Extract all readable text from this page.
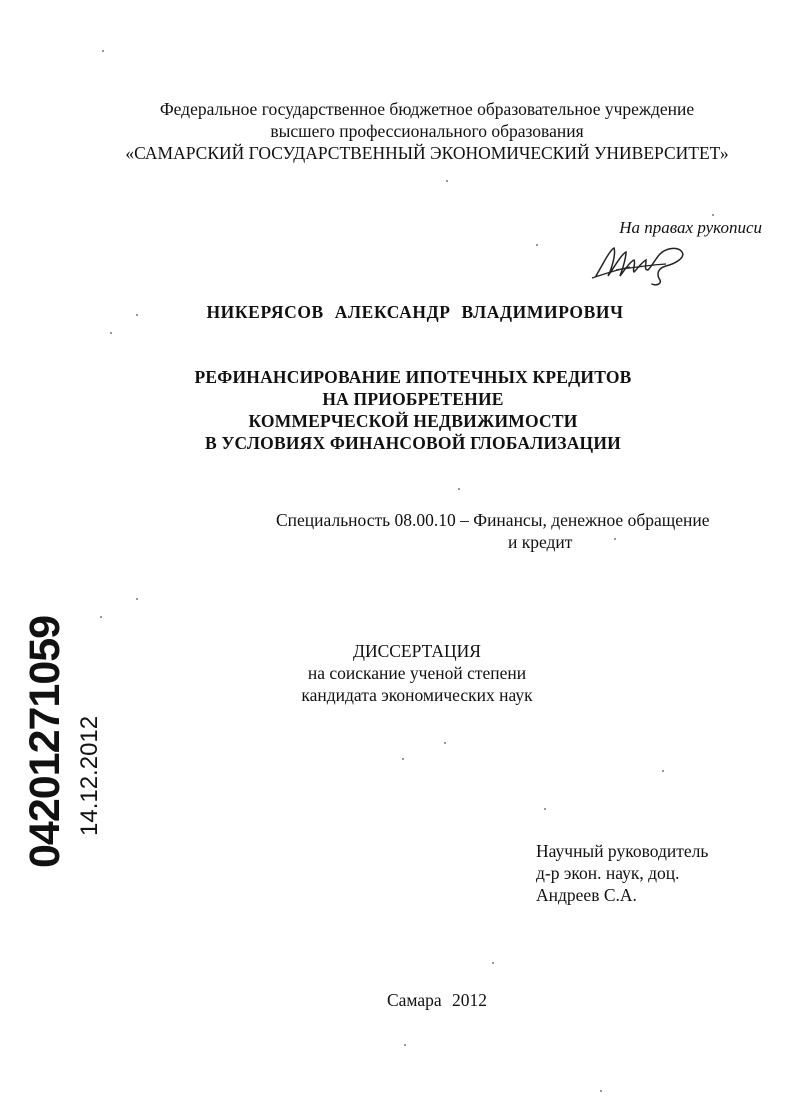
Федеральное государственное бюджетное образовательное учреждение
высшего профессионального образования
«САМАРСКИЙ ГОСУДАРСТВЕННЫЙ ЭКОНОМИЧЕСКИЙ УНИВЕРСИТЕТ»
На правах рукописи
НИКЕРЯСОВ АЛЕКСАНДР ВЛАДИМИРОВИЧ
РЕФИНАНСИРОВАНИЕ ИПОТЕЧНЫХ КРЕДИТОВ
НА ПРИОБРЕТЕНИЕ
КОММЕРЧЕСКОЙ НЕДВИЖИМОСТИ
В УСЛОВИЯХ ФИНАНСОВОЙ ГЛОБАЛИЗАЦИИ
Специальность 08.00.10 – Финансы, денежное обращение
и кредит
ДИССЕРТАЦИЯ
на соискание ученой степени
кандидата экономических наук
Научный руководитель
д-р экон. наук, доц.
Андреев С.А.
Самара 2012
04201271059 14.12.2012
